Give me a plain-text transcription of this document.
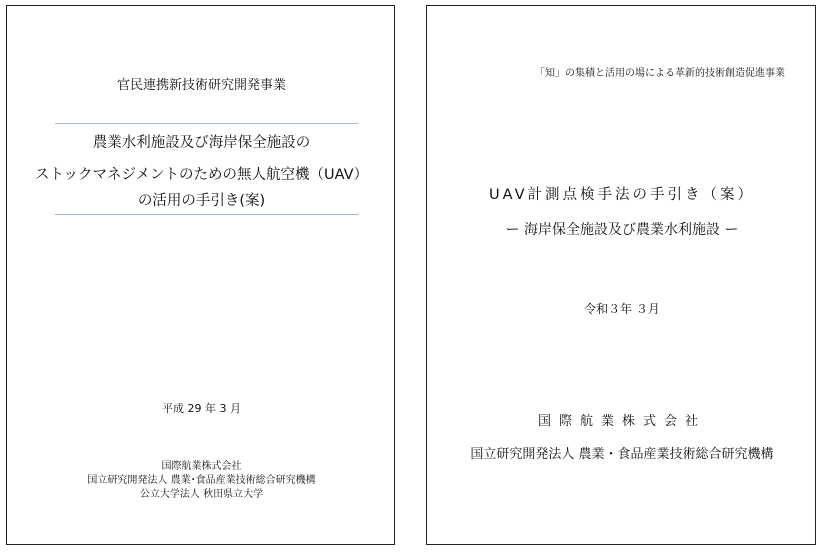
官民連携新技術研究開発事業
農業水利施設及び海岸保全施設の
ストックマネジメントのための無人航空機（UAV）
の活用の手引き(案)
平成 29 年 3 月
国際航業株式会社
国立研究開発法人 農業･食品産業技術総合研究機構
公立大学法人 秋田県立大学
「知」の集積と活用の場による革新的技術創造促進事業
UAV計測点検手法の手引き（案）
ー 海岸保全施設及び農業水利施設 ー
令和３年 ３月
国際航業株式会社
国立研究開発法人 農業・食品産業技術総合研究機構
